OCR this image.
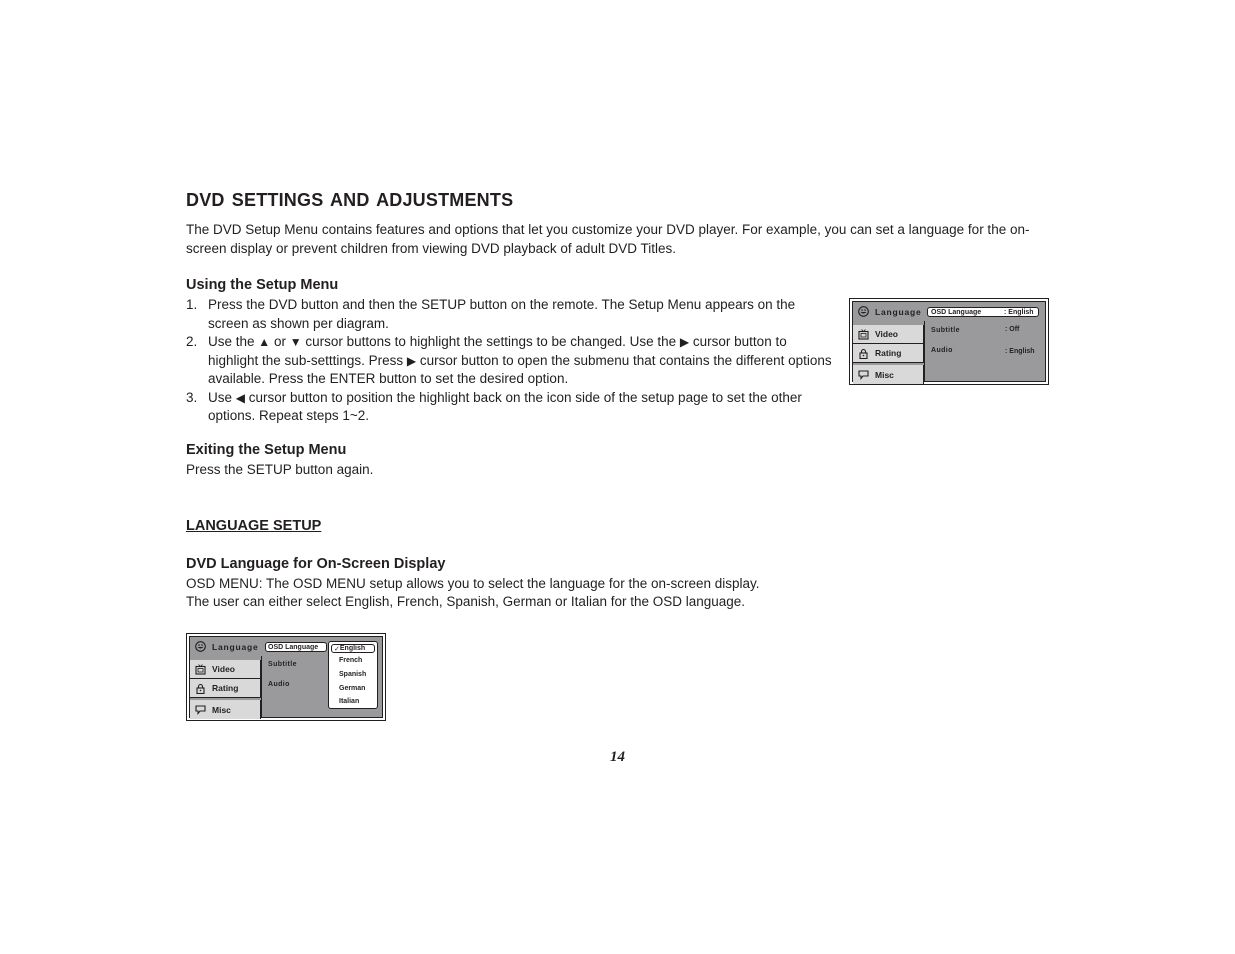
DVD SETTINGS AND ADJUSTMENTS

The DVD Setup Menu contains features and options that let you customize your DVD player. For example, you can set a language for the on-screen display or prevent children from viewing DVD playback of adult DVD Titles.

Using the Setup Menu
1. Press the DVD button and then the SETUP button on the remote. The Setup Menu appears on the screen as shown per diagram.
2. Use the ▲ or ▼ cursor buttons to highlight the settings to be changed. Use the ▶ cursor button to highlight the sub-setttings. Press ▶ cursor button to open the submenu that contains the different options available. Press the ENTER button to set the desired option.
3. Use ◀ cursor button to position the highlight back on the icon side of the setup page to set the other options. Repeat steps 1~2.
Exiting the Setup Menu

Press the SETUP button again.

LANGUAGE SETUP

DVD Language for On-Screen Display

OSD MENU: The OSD MENU setup allows you to select the language for the on-screen display.

The user can either select English, French, Spanish, German or Italian for the OSD language.

Language
Video
Rating
Misc
OSD Language	: English
Subtitle	: Off
Audio	: English
Language
Video
Rating
Misc
OSD Language
Subtitle
Audio
✓ English
French
Spanish
German
Italian
14
